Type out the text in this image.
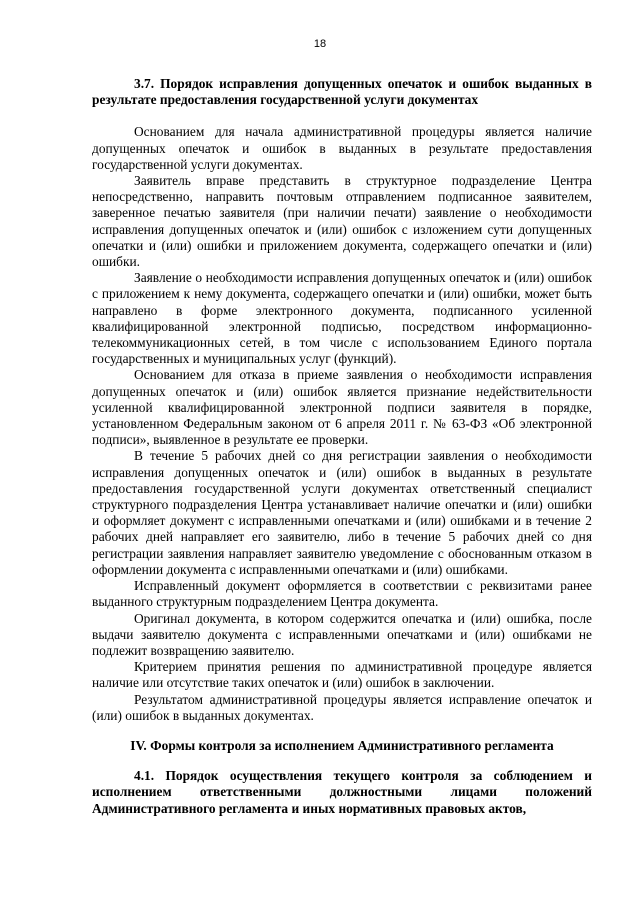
18

3.7. Порядок исправления допущенных опечаток и ошибок выданных в результате предоставления государственной услуги документах

Основанием для начала административной процедуры является наличие допущенных опечаток и ошибок в выданных в результате предоставления государственной услуги документах.

Заявитель вправе представить в структурное подразделение Центра непосредственно, направить почтовым отправлением подписанное заявителем, заверенное печатью заявителя (при наличии печати) заявление о необходимости исправления допущенных опечаток и (или) ошибок с изложением сути допущенных опечатки и (или) ошибки и приложением документа, содержащего опечатки и (или) ошибки.

Заявление о необходимости исправления допущенных опечаток и (или) ошибок с приложением к нему документа, содержащего опечатки и (или) ошибки, может быть направлено в форме электронного документа, подписанного усиленной квалифицированной электронной подписью, посредством информационно-телекоммуникационных сетей, в том числе с использованием Единого портала государственных и муниципальных услуг (функций).

Основанием для отказа в приеме заявления о необходимости исправления допущенных опечаток и (или) ошибок является признание недействительности усиленной квалифицированной электронной подписи заявителя в порядке, установленном Федеральным законом от 6 апреля 2011 г. № 63-ФЗ «Об электронной подписи», выявленное в результате ее проверки.

В течение 5 рабочих дней со дня регистрации заявления о необходимости исправления допущенных опечаток и (или) ошибок в выданных в результате предоставления государственной услуги документах ответственный специалист структурного подразделения Центра устанавливает наличие опечатки и (или) ошибки и оформляет документ с исправленными опечатками и (или) ошибками и в течение 2 рабочих дней направляет его заявителю, либо в течение 5 рабочих дней со дня регистрации заявления направляет заявителю уведомление с обоснованным отказом в оформлении документа с исправленными опечатками и (или) ошибками.

Исправленный документ оформляется в соответствии с реквизитами ранее выданного структурным подразделением Центра документа.

Оригинал документа, в котором содержится опечатка и (или) ошибка, после выдачи заявителю документа с исправленными опечатками и (или) ошибками не подлежит возвращению заявителю.

Критерием принятия решения по административной процедуре является наличие или отсутствие таких опечаток и (или) ошибок в заключении.

Результатом административной процедуры является исправление опечаток и (или) ошибок в выданных документах.

IV. Формы контроля за исполнением Административного регламента

4.1. Порядок осуществления текущего контроля за соблюдением и исполнением ответственными должностными лицами положений Административного регламента и иных нормативных правовых актов,
